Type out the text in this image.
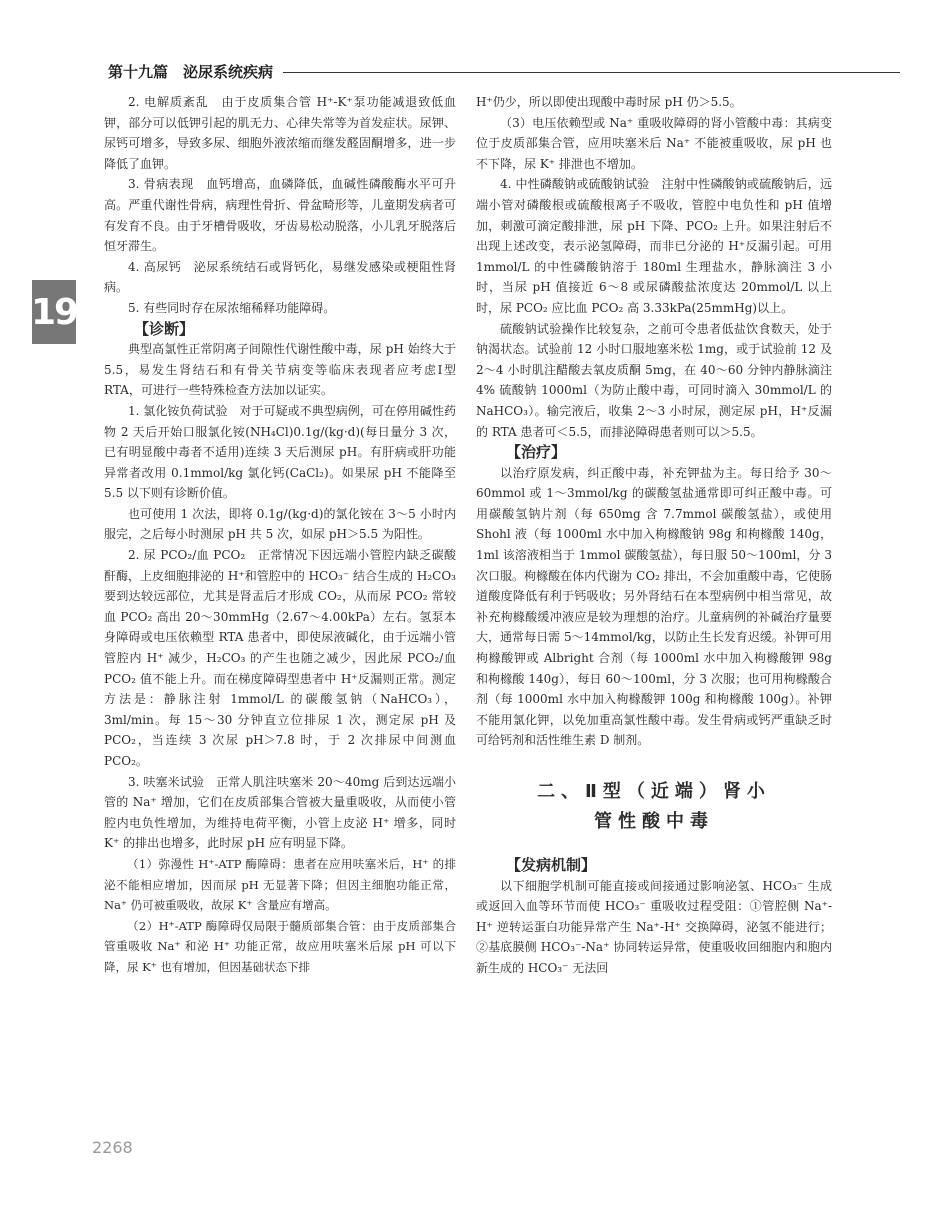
第十九篇　泌尿系统疾病
19

2. 电解质紊乱　由于皮质集合管 H⁺-K⁺泵功能减退致低血钾，部分可以低钾引起的肌无力、心律失常等为首发症状。尿钾、尿钙可增多，导致多尿、细胞外液浓缩而继发醛固酮增多，进一步降低了血钾。

3. 骨病表现　血钙增高，血磷降低，血碱性磷酸酶水平可升高。严重代谢性骨病，病理性骨折、骨盆畸形等，儿童期发病者可有发育不良。由于牙槽骨吸收，牙齿易松动脱落，小儿乳牙脱落后恒牙滞生。

4. 高尿钙　泌尿系统结石或肾钙化，易继发感染或梗阻性肾病。

5. 有些同时存在尿浓缩稀释功能障碍。

【诊断】

典型高氯性正常阴离子间隙性代谢性酸中毒，尿 pH 始终大于 5.5，易发生肾结石和有骨关节病变等临床表现者应考虑Ⅰ型 RTA，可进行一些特殊检查方法加以证实。

1. 氯化铵负荷试验　对于可疑或不典型病例，可在停用碱性药物 2 天后开始口服氯化铵(NH₄Cl)0.1g/(kg·d)(每日量分 3 次，已有明显酸中毒者不适用)连续 3 天后测尿 pH。有肝病或肝功能异常者改用 0.1mmol/kg 氯化钙(CaCl₂)。如果尿 pH 不能降至 5.5 以下则有诊断价值。

也可使用 1 次法，即将 0.1g/(kg·d)的氯化铵在 3～5 小时内服完，之后每小时测尿 pH 共 5 次，如尿 pH＞5.5 为阳性。

2. 尿 PCO₂/血 PCO₂　正常情况下因远端小管腔内缺乏碳酸酐酶，上皮细胞排泌的 H⁺和管腔中的 HCO₃⁻ 结合生成的 H₂CO₃要到达较远部位，尤其是肾盂后才形成 CO₂，从而尿 PCO₂ 常较血 PCO₂ 高出 20～30mmHg（2.67～4.00kPa）左右。氢泵本身障碍或电压依赖型 RTA 患者中，即使尿液碱化，由于远端小管管腔内 H⁺ 减少，H₂CO₃ 的产生也随之减少，因此尿 PCO₂/血 PCO₂ 值不能上升。而在梯度障碍型患者中 H⁺反漏则正常。测定方法是：静脉注射 1mmol/L 的碳酸氢钠（NaHCO₃），3ml/min。每 15～30 分钟直立位排尿 1 次，测定尿 pH 及 PCO₂，当连续 3 次尿 pH＞7.8 时，于 2 次排尿中间测血 PCO₂。

3. 呋塞米试验　正常人肌注呋塞米 20～40mg 后到达远端小管的 Na⁺ 增加，它们在皮质部集合管被大量重吸收，从而使小管腔内电负性增加，为维持电荷平衡，小管上皮泌 H⁺ 增多，同时 K⁺ 的排出也增多，此时尿 pH 应有明显下降。

（1）弥漫性 H⁺-ATP 酶障碍：患者在应用呋塞米后，H⁺ 的排泌不能相应增加，因而尿 pH 无显著下降；但因主细胞功能正常，Na⁺ 仍可被重吸收，故尿 K⁺ 含量应有增高。

（2）H⁺-ATP 酶障碍仅局限于髓质部集合管：由于皮质部集合管重吸收 Na⁺ 和泌 H⁺ 功能正常，故应用呋塞米后尿 pH 可以下降，尿 K⁺ 也有增加，但因基础状态下排

H⁺仍少，所以即使出现酸中毒时尿 pH 仍＞5.5。

（3）电压依赖型或 Na⁺ 重吸收障碍的肾小管酸中毒：其病变位于皮质部集合管，应用呋塞米后 Na⁺ 不能被重吸收，尿 pH 也不下降，尿 K⁺ 排泄也不增加。

4. 中性磷酸钠或硫酸钠试验　注射中性磷酸钠或硫酸钠后，远端小管对磷酸根或硫酸根离子不吸收，管腔中电负性和 pH 值增加，刺激可滴定酸排泄，尿 pH 下降、PCO₂ 上升。如果注射后不出现上述改变，表示泌氢障碍，而非已分泌的 H⁺反漏引起。可用 1mmol/L 的中性磷酸钠溶于 180ml 生理盐水，静脉滴注 3 小时，当尿 pH 值接近 6～8 或尿磷酸盐浓度达 20mmol/L 以上时，尿 PCO₂ 应比血 PCO₂ 高 3.33kPa(25mmHg)以上。

硫酸钠试验操作比较复杂，之前可令患者低盐饮食数天，处于钠渴状态。试验前 12 小时口服地塞米松 1mg，或于试验前 12 及 2～4 小时肌注醋酸去氧皮质酮 5mg，在 40～60 分钟内静脉滴注 4% 硫酸钠 1000ml（为防止酸中毒，可同时滴入 30mmol/L 的 NaHCO₃）。输完液后，收集 2～3 小时尿，测定尿 pH，H⁺反漏的 RTA 患者可＜5.5，而排泌障碍患者则可以＞5.5。

【治疗】

以治疗原发病，纠正酸中毒，补充钾盐为主。每日给予 30～60mmol 或 1～3mmol/kg 的碳酸氢盐通常即可纠正酸中毒。可用碳酸氢钠片剂（每 650mg 含 7.7mmol 碳酸氢盐），或使用 Shohl 液（每 1000ml 水中加入枸橼酸钠 98g 和枸橼酸 140g，1ml 该溶液相当于 1mmol 碳酸氢盐），每日服 50～100ml，分 3 次口服。枸橼酸在体内代谢为 CO₂ 排出，不会加重酸中毒，它使肠道酸度降低有利于钙吸收；另外肾结石在本型病例中相当常见，故补充枸橼酸缓冲液应是较为理想的治疗。儿童病例的补碱治疗量要大，通常每日需 5～14mmol/kg，以防止生长发育迟缓。补钾可用枸橼酸钾或 Albright 合剂（每 1000ml 水中加入枸橼酸钾 98g 和枸橼酸 140g），每日 60～100ml，分 3 次服；也可用枸橼酸合剂（每 1000ml 水中加入枸橼酸钾 100g 和枸橼酸 100g）。补钾不能用氯化钾，以免加重高氯性酸中毒。发生骨病或钙严重缺乏时可给钙剂和活性维生素 D 制剂。

二、Ⅱ型（近端）肾小
管性酸中毒

【发病机制】

以下细胞学机制可能直接或间接通过影响泌氢、HCO₃⁻ 生成或返回入血等环节而使 HCO₃⁻ 重吸收过程受阻：①管腔侧 Na⁺-H⁺ 逆转运蛋白功能异常产生 Na⁺-H⁺ 交换障碍，泌氢不能进行；②基底膜侧 HCO₃⁻-Na⁺ 协同转运异常，使重吸收回细胞内和胞内新生成的 HCO₃⁻ 无法回

2268
